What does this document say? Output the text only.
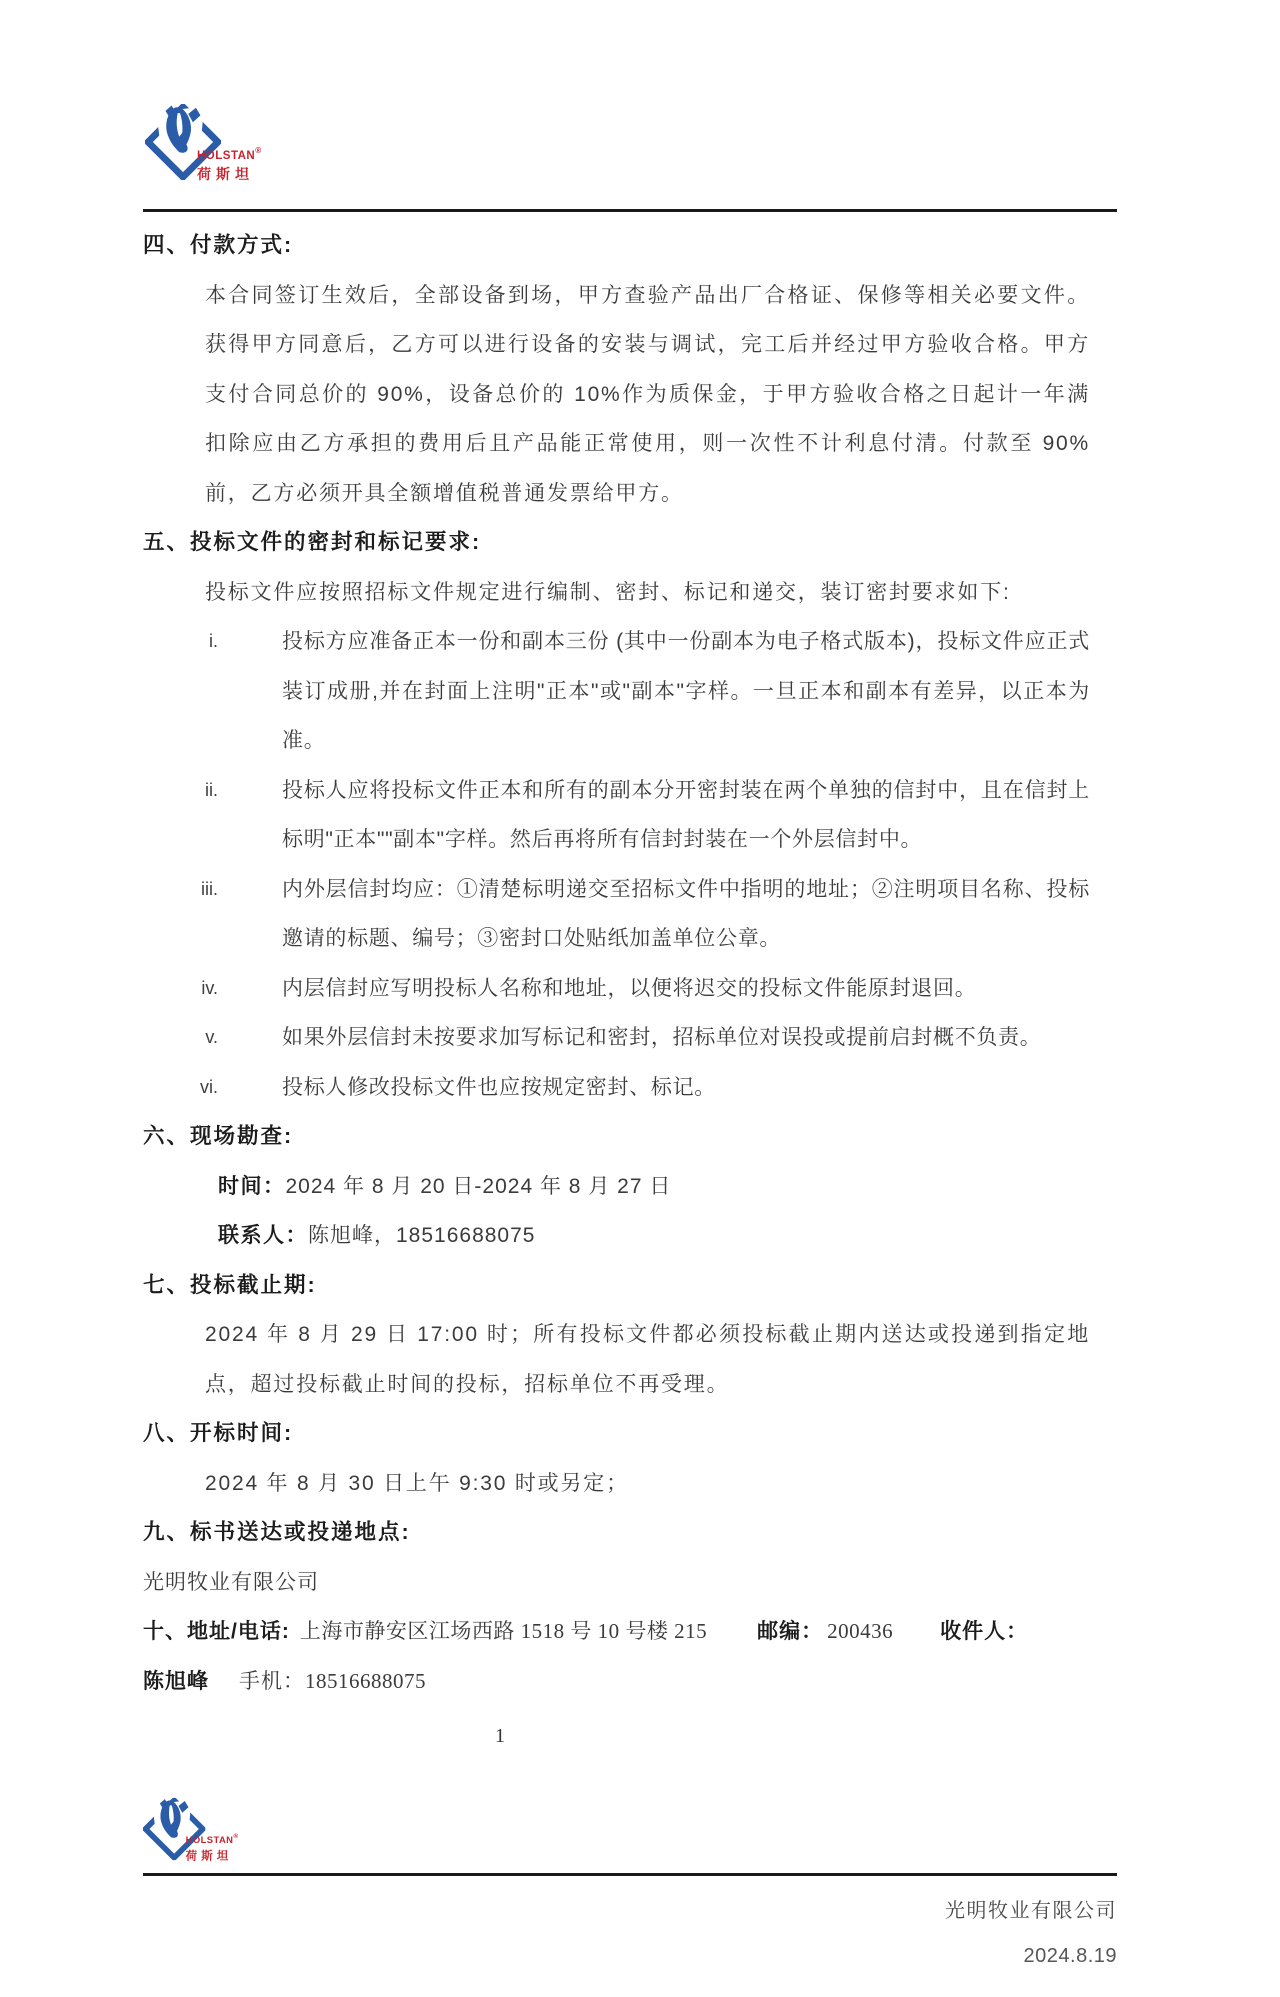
HOLSTAN®
荷斯坦
四、付款方式:
本合同签订生效后，全部设备到场，甲方查验产品出厂合格证、保修等相关必要文件。获得甲方同意后，乙方可以进行设备的安装与调试，完工后并经过甲方验收合格。甲方支付合同总价的 90%，设备总价的 10%作为质保金，于甲方验收合格之日起计一年满扣除应由乙方承担的费用后且产品能正常使用，则一次性不计利息付清。付款至 90%前，乙方必须开具全额增值税普通发票给甲方。
五、投标文件的密封和标记要求:
投标文件应按照招标文件规定进行编制、密封、标记和递交，装订密封要求如下:
i.	投标方应准备正本一份和副本三份 (其中一份副本为电子格式版本)，投标文件应正式装订成册,并在封面上注明"正本"或"副本"字样。一旦正本和副本有差异，以正本为准。
ii.	投标人应将投标文件正本和所有的副本分开密封装在两个单独的信封中，且在信封上标明"正本""副本"字样。然后再将所有信封封装在一个外层信封中。
iii.	内外层信封均应：①清楚标明递交至招标文件中指明的地址；②注明项目名称、投标邀请的标题、编号；③密封口处贴纸加盖单位公章。
iv.	内层信封应写明投标人名称和地址，以便将迟交的投标文件能原封退回。
v.	如果外层信封未按要求加写标记和密封，招标单位对误投或提前启封概不负责。
vi.	投标人修改投标文件也应按规定密封、标记。
六、现场勘查:
时间：2024 年 8 月 20 日-2024 年 8 月 27 日
联系人：陈旭峰，18516688075
七、投标截止期:
2024 年 8 月 29 日 17:00 时；所有投标文件都必须投标截止期内送达或投递到指定地点，超过投标截止时间的投标，招标单位不再受理。
八、开标时间:
2024 年 8 月 30 日上午 9:30 时或另定；
九、标书送达或投递地点:
光明牧业有限公司
十、地址/电话: 上海市静安区江场西路 1518 号 10 号楼 215 邮编： 200436 收件人：
陈旭峰 手机：18516688075
1
HOLSTAN®
荷斯坦
光明牧业有限公司
2024.8.19
